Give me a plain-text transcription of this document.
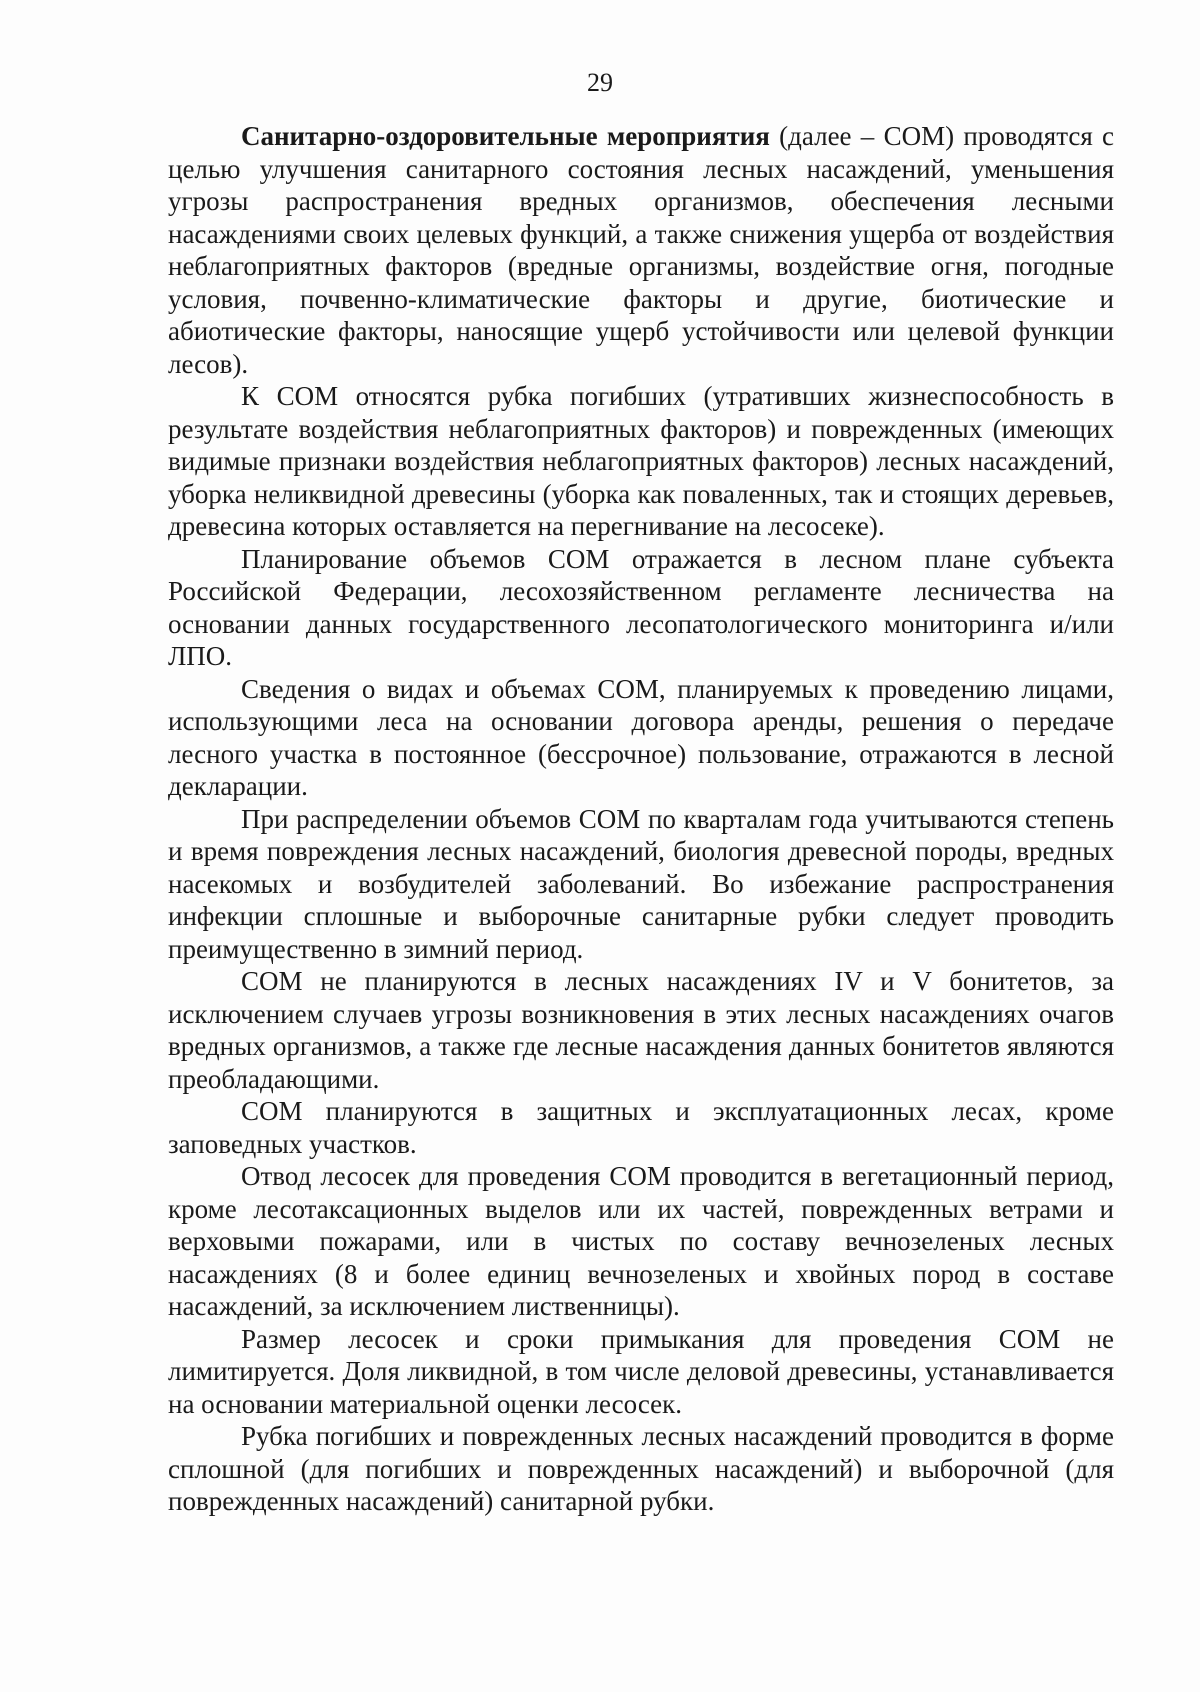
29

Санитарно-оздоровительные мероприятия (далее – СОМ) проводятся с целью улучшения санитарного состояния лесных насаждений, уменьшения угрозы распространения вредных организмов, обеспечения лесными насаждениями своих целевых функций, а также снижения ущерба от воздействия неблагоприятных факторов (вредные организмы, воздействие огня, погодные условия, почвенно-климатические факторы и другие, биотические и абиотические факторы, наносящие ущерб устойчивости или целевой функции лесов).

К СОМ относятся рубка погибших (утративших жизнеспособность в результате воздействия неблагоприятных факторов) и поврежденных (имеющих видимые признаки воздействия неблагоприятных факторов) лесных насаждений, уборка неликвидной древесины (уборка как поваленных, так и стоящих деревьев, древесина которых оставляется на перегнивание на лесосеке).

Планирование объемов СОМ отражается в лесном плане субъекта Российской Федерации, лесохозяйственном регламенте лесничества на основании данных государственного лесопатологического мониторинга и/или ЛПО.

Сведения о видах и объемах СОМ, планируемых к проведению лицами, использующими леса на основании договора аренды, решения о передаче лесного участка в постоянное (бессрочное) пользование, отражаются в лесной декларации.

При распределении объемов СОМ по кварталам года учитываются степень и время повреждения лесных насаждений, биология древесной породы, вредных насекомых и возбудителей заболеваний. Во избежание распространения инфекции сплошные и выборочные санитарные рубки следует проводить преимущественно в зимний период.

СОМ не планируются в лесных насаждениях IV и V бонитетов, за исключением случаев угрозы возникновения в этих лесных насаждениях очагов вредных организмов, а также где лесные насаждения данных бонитетов являются преобладающими.

СОМ планируются в защитных и эксплуатационных лесах, кроме заповедных участков.

Отвод лесосек для проведения СОМ проводится в вегетационный период, кроме лесотаксационных выделов или их частей, поврежденных ветрами и верховыми пожарами, или в чистых по составу вечнозеленых лесных насаждениях (8 и более единиц вечнозеленых и хвойных пород в составе насаждений, за исключением лиственницы).

Размер лесосек и сроки примыкания для проведения СОМ не лимитируется. Доля ликвидной, в том числе деловой древесины, устанавливается на основании материальной оценки лесосек.

Рубка погибших и поврежденных лесных насаждений проводится в форме сплошной (для погибших и поврежденных насаждений) и выборочной (для поврежденных насаждений) санитарной рубки.
